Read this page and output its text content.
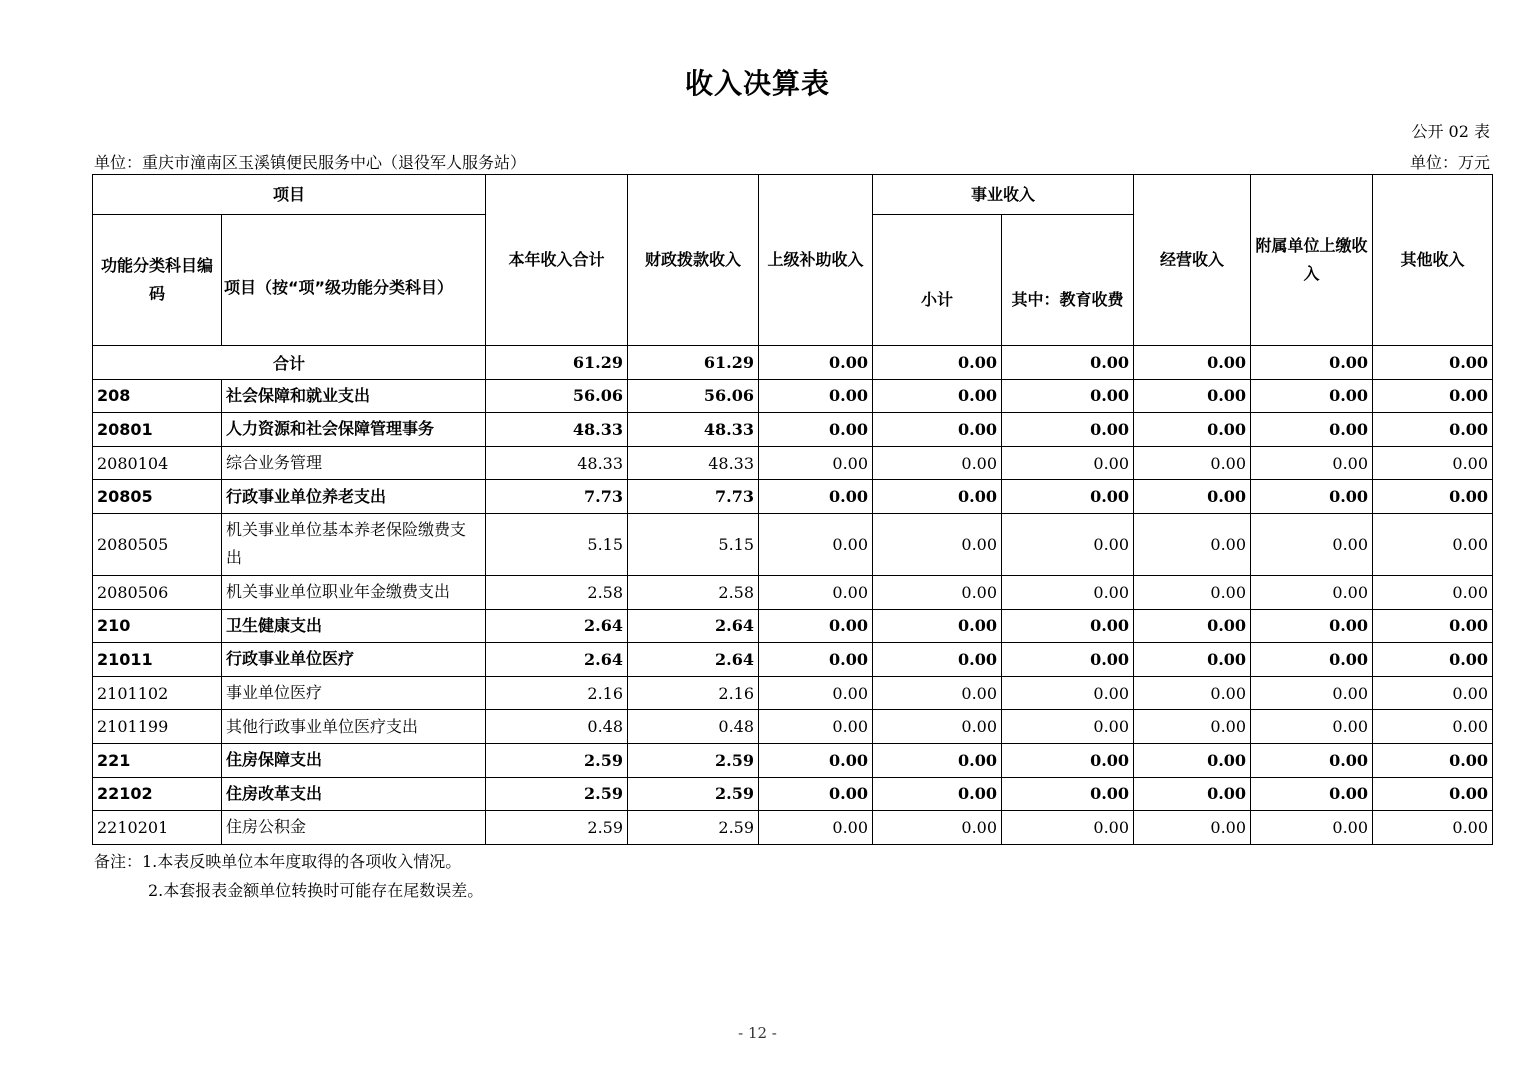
收入决算表
公开 02 表
单位：重庆市潼南区玉溪镇便民服务中心（退役军人服务站）	单位：万元
项目		本年收入合计	财政拨款收入	上级补助收入	事业收入		经营收入	附属单位上缴收入	其他收入
功能分类科目编码	项目（按“项”级功能分类科目）				小计	其中：教育收费			
合计		61.29	61.29	0.00	0.00	0.00	0.00	0.00	0.00
208	社会保障和就业支出	56.06	56.06	0.00	0.00	0.00	0.00	0.00	0.00
20801	人力资源和社会保障管理事务	48.33	48.33	0.00	0.00	0.00	0.00	0.00	0.00
2080104	综合业务管理	48.33	48.33	0.00	0.00	0.00	0.00	0.00	0.00
20805	行政事业单位养老支出	7.73	7.73	0.00	0.00	0.00	0.00	0.00	0.00
2080505	机关事业单位基本养老保险缴费支出	5.15	5.15	0.00	0.00	0.00	0.00	0.00	0.00
2080506	机关事业单位职业年金缴费支出	2.58	2.58	0.00	0.00	0.00	0.00	0.00	0.00
210	卫生健康支出	2.64	2.64	0.00	0.00	0.00	0.00	0.00	0.00
21011	行政事业单位医疗	2.64	2.64	0.00	0.00	0.00	0.00	0.00	0.00
2101102	事业单位医疗	2.16	2.16	0.00	0.00	0.00	0.00	0.00	0.00
2101199	其他行政事业单位医疗支出	0.48	0.48	0.00	0.00	0.00	0.00	0.00	0.00
221	住房保障支出	2.59	2.59	0.00	0.00	0.00	0.00	0.00	0.00
22102	住房改革支出	2.59	2.59	0.00	0.00	0.00	0.00	0.00	0.00
2210201	住房公积金	2.59	2.59	0.00	0.00	0.00	0.00	0.00	0.00
备注：1.本表反映单位本年度取得的各项收入情况。
2.本套报表金额单位转换时可能存在尾数误差。
- 12 -
